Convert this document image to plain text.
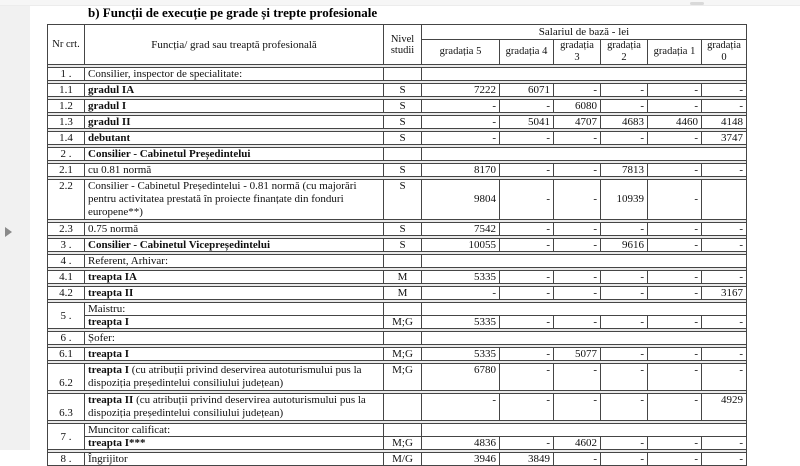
b) Funcții de execuție pe grade și trepte profesionale
Nr crt.	Funcția/ grad sau treaptă profesională	Nivel studii	Salariul de bază - lei					
			gradația 5	gradația 4	gradația 3	gradația 2	gradația 1	gradația 0

1 .	Consilier, inspector de specialitate:							

1.1	gradul IA	S	7222	6071	-	-	-	-

1.2	gradul I	S	-	-	6080	-	-	-

1.3	gradul II	S	-	5041	4707	4683	4460	4148

1.4	debutant	S	-	-	-	-	-	3747

2 .	Consilier - Cabinetul Președintelui							

2.1	cu 0.81 normă	S	8170	-	-	7813	-	-

2.2	Consilier - Cabinetul Președintelui - 0.81 normă (cu majorări pentru activitatea prestată în proiecte finanțate din fonduri europene**)	S	9804	-	-	10939	-	

2.3	0.75 normă	S	7542	-	-	-	-	-

3 .	Consilier - Cabinetul Vicepreședintelui	S	10055	-	-	9616	-	-

4 .	Referent, Arhivar:							

4.1	treapta IA	M	5335	-	-	-	-	-

4.2	treapta II	M	-	-	-	-	-	3167

5 .	Maistru:							
	treapta I	M;G	5335	-	-	-	-	-

6 .	Șofer:							

6.1	treapta I	M;G	5335	-	5077	-	-	-

6.2	treapta I (cu atribuții privind deservirea autoturismului pus la dispoziția președintelui consiliului județean)	M;G	6780	-	-	-	-	-

6.3	treapta II (cu atribuții privind deservirea autoturismului pus la dispoziția președintelui consiliului județean)		-	-	-	-	-	4929

7 .	Muncitor calificat:							
	treapta I***	M;G	4836	-	4602	-	-	-

8 .	Îngrijitor	M/G	3946	3849	-	-	-	-
